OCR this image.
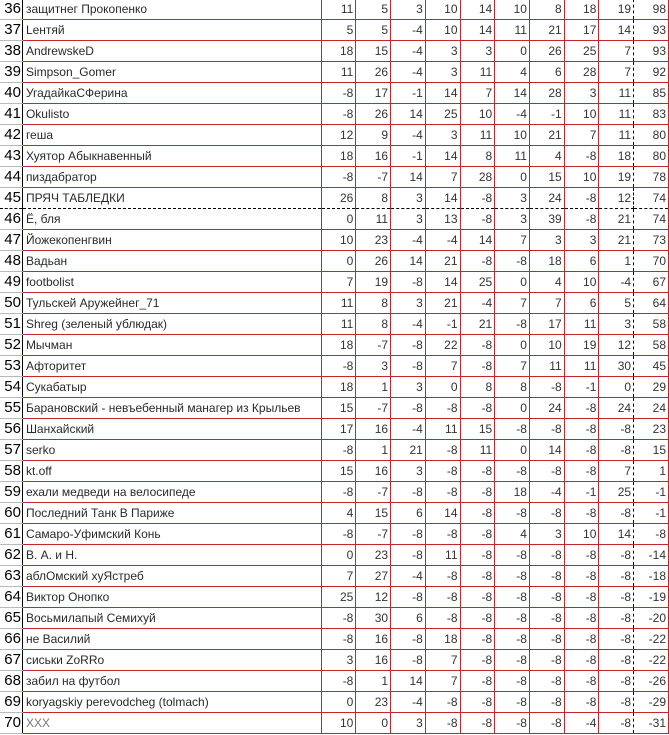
36	защитнег Прокопенко	11	5	3	10	14	10	8	18	19	98
37	Lентяй	5	5	-4	10	14	11	21	17	14	93
38	AndrewskeD	18	15	-4	3	3	0	26	25	7	93
39	Simpson_Gomer	11	26	-4	3	11	4	6	28	7	92
40	УгадайкаСФерина	-8	17	-1	14	7	14	28	3	11	85
41	Okulisto	-8	26	14	25	10	-4	-1	10	11	83
42	геша	12	9	-4	3	11	10	21	7	11	80
43	Хуятор Абыкнавенный	18	16	-1	14	8	11	4	-8	18	80
44	пиздабратор	-8	-7	14	7	28	0	15	10	19	78
45	ПРЯЧ ТАБЛЕДКИ	26	8	3	14	-8	3	24	-8	12	74
46	Ё, бля	0	11	3	13	-8	3	39	-8	21	74
47	Йожекопенгвин	10	23	-4	-4	14	7	3	3	21	73
48	Вадьан	0	26	14	21	-8	-8	18	6	1	70
49	footbolist	7	19	-8	14	25	0	4	10	-4	67
50	Тульскей Аружейнег_71	11	8	3	21	-4	7	7	6	5	64
51	Shreg (зеленый ублюдак)	11	8	-4	-1	21	-8	17	11	3	58
52	Мычман	18	-7	-8	22	-8	0	10	19	12	58
53	Афторитет	-8	3	-8	7	-8	7	11	11	30	45
54	Сукабатыр	18	1	3	0	8	8	-8	-1	0	29
55	Барановский - невъебенный манагер из Крыльев	15	-7	-8	-8	-8	0	24	-8	24	24
56	Шанхайский	17	16	-4	11	15	-8	-8	-8	-8	23
57	serko	-8	1	21	-8	11	0	14	-8	-8	15
58	kt.off	15	16	3	-8	-8	-8	-8	-8	7	1
59	ехали медведи на велосипеде	-8	-7	-8	-8	-8	18	-4	-1	25	-1
60	Последний Танк В Париже	4	15	6	14	-8	-8	-8	-8	-8	-1
61	Самаро-Уфимский Конь	-8	-7	-8	-8	-8	4	3	10	14	-8
62	В. А. и Н.	0	23	-8	11	-8	-8	-8	-8	-8	-14
63	аблОмский хуЯстреб	7	27	-4	-8	-8	-8	-8	-8	-8	-18
64	Виктор Онопко	25	12	-8	-8	-8	-8	-8	-8	-8	-19
65	Восьмилапый Семихуй	-8	30	6	-8	-8	-8	-8	-8	-8	-20
66	не Василий	-8	16	-8	18	-8	-8	-8	-8	-8	-22
67	сиськи ZoRRo	3	16	-8	7	-8	-8	-8	-8	-8	-22
68	забил на футбол	-8	1	14	7	-8	-8	-8	-8	-8	-26
69	koryagskiy perevodcheg (tolmach)	0	23	-4	-8	-8	-8	-8	-8	-8	-29
70	XXX	10	0	3	-8	-8	-8	-8	-4	-8	-31
